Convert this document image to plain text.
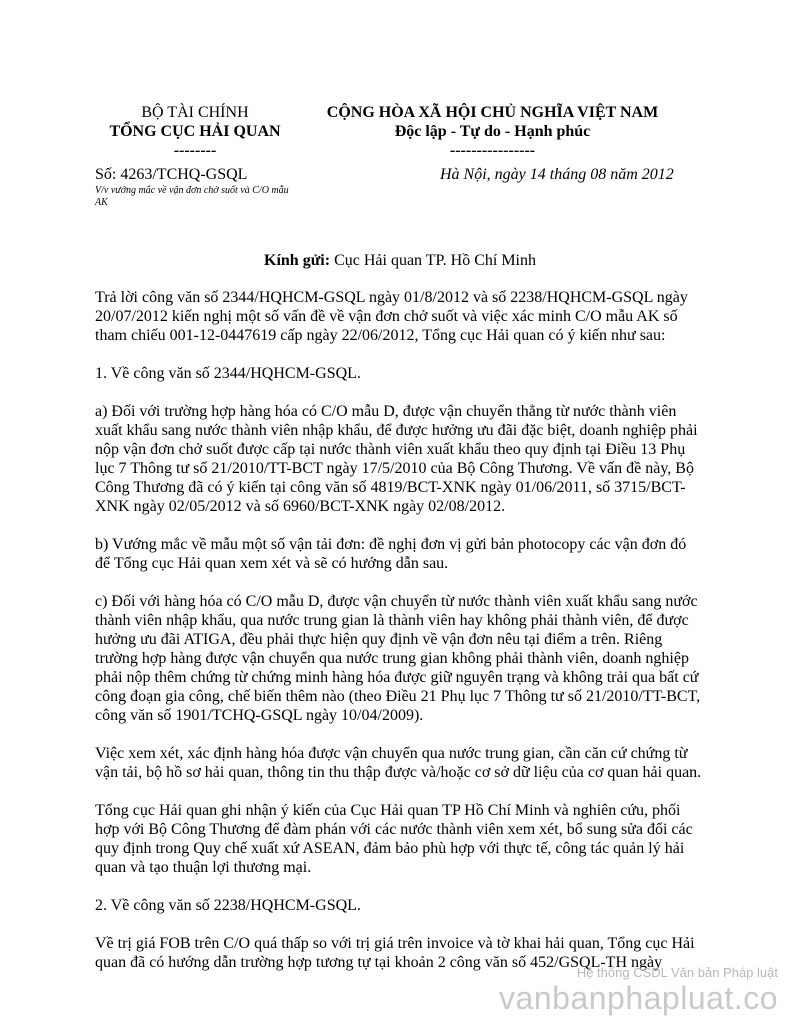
BỘ TÀI CHÍNH
TỔNG CỤC HẢI QUAN
--------
CỘNG HÒA XÃ HỘI CHỦ NGHĨA VIỆT NAM
Độc lập - Tự do - Hạnh phúc
----------------
Số: 4263/TCHQ-GSQL
V/v vướng mắc về vận đơn chở suốt và C/O mẫu AK
Hà Nội, ngày 14 tháng 08 năm 2012
Kính gửi: Cục Hải quan TP. Hồ Chí Minh

Trả lời công văn số 2344/HQHCM-GSQL ngày 01/8/2012 và số 2238/HQHCM-GSQL ngày 20/07/2012 kiến nghị một số vấn đề về vận đơn chở suốt và việc xác minh C/O mẫu AK số tham chiếu 001-12-0447619 cấp ngày 22/06/2012, Tổng cục Hải quan có ý kiến như sau:

1. Về công văn số 2344/HQHCM-GSQL.

a) Đối với trường hợp hàng hóa có C/O mẫu D, được vận chuyển thẳng từ nước thành viên xuất khẩu sang nước thành viên nhập khẩu, để được hưởng ưu đãi đặc biệt, doanh nghiệp phải nộp vận đơn chở suốt được cấp tại nước thành viên xuất khẩu theo quy định tại Điều 13 Phụ lục 7 Thông tư số 21/2010/TT-BCT ngày 17/5/2010 của Bộ Công Thương. Về vấn đề này, Bộ Công Thương đã có ý kiến tại công văn số 4819/BCT-XNK ngày 01/06/2011, số 3715/BCT-XNK ngày 02/05/2012 và số 6960/BCT-XNK ngày 02/08/2012.

b) Vướng mắc về mẫu một số vận tải đơn: đề nghị đơn vị gửi bản photocopy các vận đơn đó để Tổng cục Hải quan xem xét và sẽ có hướng dẫn sau.

c) Đối với hàng hóa có C/O mẫu D, được vận chuyển từ nước thành viên xuất khẩu sang nước thành viên nhập khẩu, qua nước trung gian là thành viên hay không phải thành viên, để được hưởng ưu đãi ATIGA, đều phải thực hiện quy định về vận đơn nêu tại điểm a trên. Riêng trường hợp hàng được vận chuyển qua nước trung gian không phải thành viên, doanh nghiệp phải nộp thêm chứng từ chứng minh hàng hóa được giữ nguyên trạng và không trải qua bất cứ công đoạn gia công, chế biến thêm nào (theo Điều 21 Phụ lục 7 Thông tư số 21/2010/TT-BCT, công văn số 1901/TCHQ-GSQL ngày 10/04/2009).

Việc xem xét, xác định hàng hóa được vận chuyển qua nước trung gian, cần căn cứ chứng từ vận tải, bộ hồ sơ hải quan, thông tin thu thập được và/hoặc cơ sở dữ liệu của cơ quan hải quan.

Tổng cục Hải quan ghi nhận ý kiến của Cục Hải quan TP Hồ Chí Minh và nghiên cứu, phối hợp với Bộ Công Thương để đàm phán với các nước thành viên xem xét, bổ sung sửa đổi các quy định trong Quy chế xuất xứ ASEAN, đảm bảo phù hợp với thực tế, công tác quản lý hải quan và tạo thuận lợi thương mại.

2. Về công văn số 2238/HQHCM-GSQL.

Về trị giá FOB trên C/O quá thấp so với trị giá trên invoice và tờ khai hải quan, Tổng cục Hải quan đã có hướng dẫn trường hợp tương tự tại khoản 2 công văn số 452/GSQL-TH ngày

Hệ thống CSDL Văn bản Pháp luật
vanbanphapluat.co
